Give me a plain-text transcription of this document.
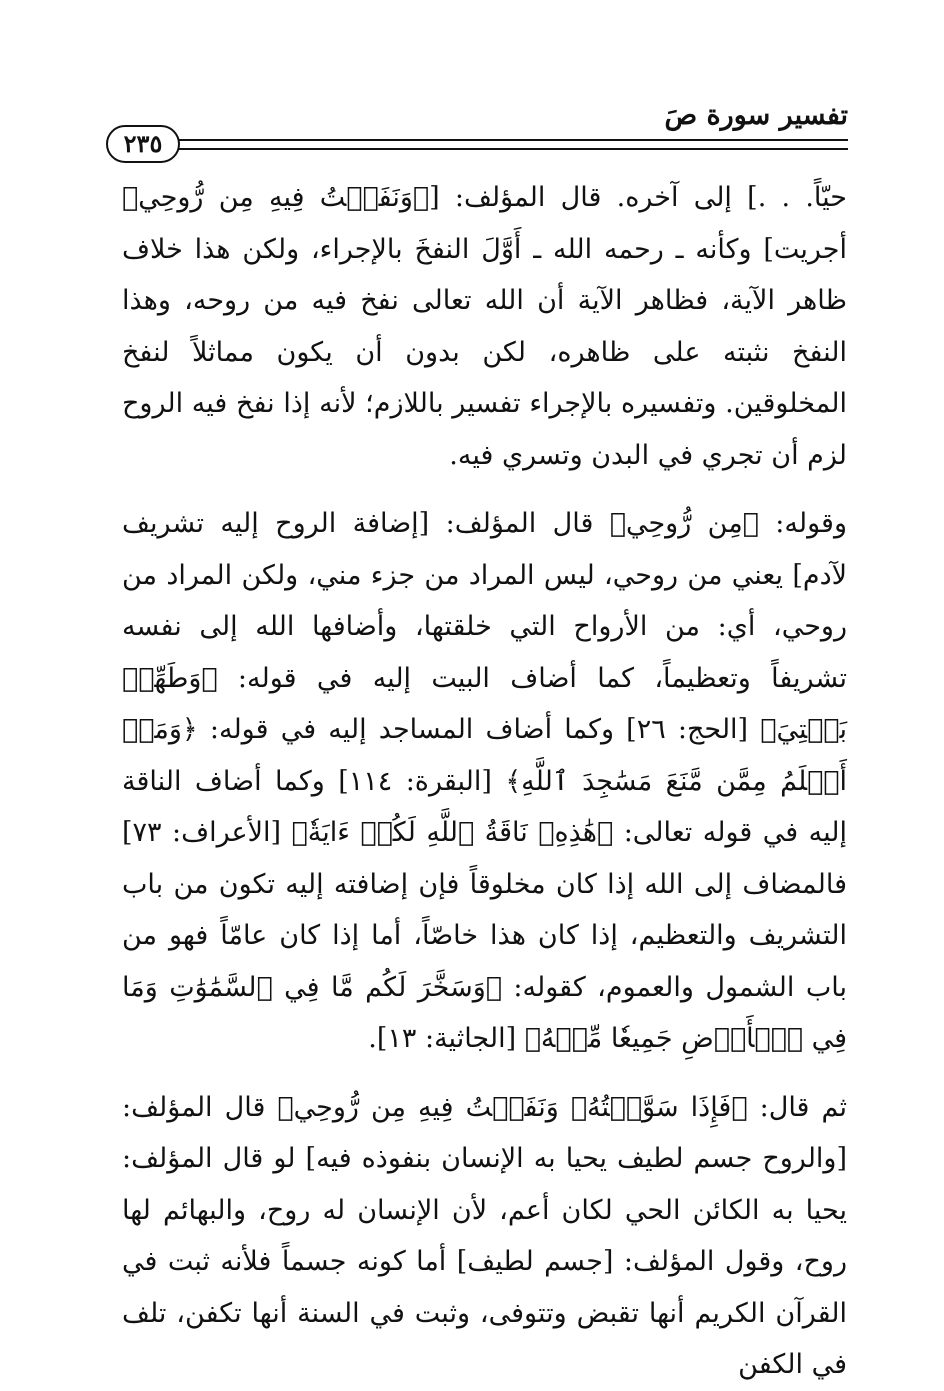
تفسير سورة صَ
٢٣٥

حيّاً. . .] إلى آخره. قال المؤلف: [﴿وَنَفَخۡتُ فِيهِ مِن رُّوحِي﴾ أجريت] وكأنه ـ رحمه الله ـ أَوَّلَ النفخَ بالإجراء، ولكن هذا خلاف ظاهر الآية، فظاهر الآية أن الله تعالى نفخ فيه من روحه، وهذا النفخ نثبته على ظاهره، لكن بدون أن يكون مماثلاً لنفخ المخلوقين. وتفسيره بالإجراء تفسير باللازم؛ لأنه إذا نفخ فيه الروح لزم أن تجري في البدن وتسري فيه.

وقوله: ﴿مِن رُّوحِي﴾ قال المؤلف: [إضافة الروح إليه تشريف لآدم] يعني من روحي، ليس المراد من جزء مني، ولكن المراد من روحي، أي: من الأرواح التي خلقتها، وأضافها الله إلى نفسه تشريفاً وتعظيماً، كما أضاف البيت إليه في قوله: ﴿وَطَهِّرۡ بَيۡتِيَ﴾ [الحج: ٢٦] وكما أضاف المساجد إليه في قوله: ﴿وَمَنۡ أَظۡلَمُ مِمَّن مَّنَعَ مَسَٰجِدَ ٱللَّهِ﴾ [البقرة: ١١٤] وكما أضاف الناقة إليه في قوله تعالى: ﴿هَٰذِهِۦ نَاقَةُ ٱللَّهِ لَكُمۡ ءَايَةٗ﴾ [الأعراف: ٧٣] فالمضاف إلى الله إذا كان مخلوقاً فإن إضافته إليه تكون من باب التشريف والتعظيم، إذا كان هذا خاصّاً، أما إذا كان عامّاً فهو من باب الشمول والعموم، كقوله: ﴿وَسَخَّرَ لَكُم مَّا فِي ٱلسَّمَٰوَٰتِ وَمَا فِي ٱلۡأَرۡضِ جَمِيعٗا مِّنۡهُ﴾ [الجاثية: ١٣].

ثم قال: ﴿فَإِذَا سَوَّيۡتُهُۥ وَنَفَخۡتُ فِيهِ مِن رُّوحِي﴾ قال المؤلف: [والروح جسم لطيف يحيا به الإنسان بنفوذه فيه] لو قال المؤلف: يحيا به الكائن الحي لكان أعم، لأن الإنسان له روح، والبهائم لها روح، وقول المؤلف: [جسم لطيف] أما كونه جسماً فلأنه ثبت في القرآن الكريم أنها تقبض وتتوفى، وثبت في السنة أنها تكفن، تلف في الكفن
